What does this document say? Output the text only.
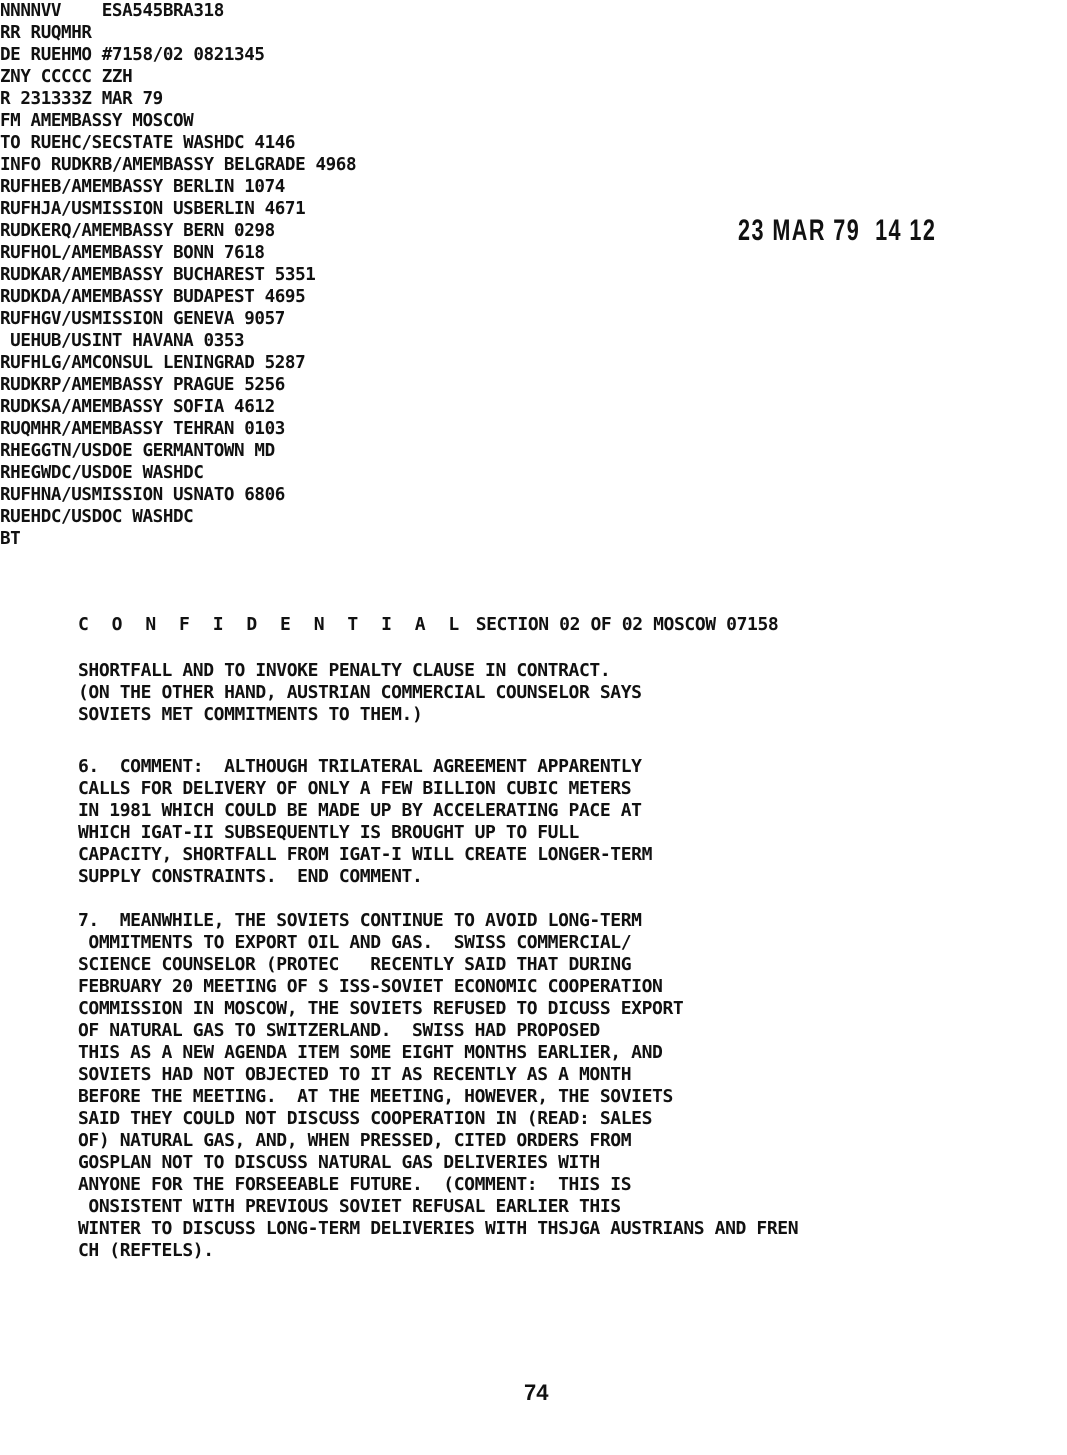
NNNNVV    ESA545BRA318
RR RUQMHR
DE RUEHMO #7158/02 0821345
ZNY CCCCC ZZH
R 231333Z MAR 79
FM AMEMBASSY MOSCOW
TO RUEHC/SECSTATE WASHDC 4146
INFO RUDKRB/AMEMBASSY BELGRADE 4968
RUFHEB/AMEMBASSY BERLIN 1074
RUFHJA/USMISSION USBERLIN 4671
RUDKERQ/AMEMBASSY BERN 0298
RUFHOL/AMEMBASSY BONN 7618
RUDKAR/AMEMBASSY BUCHAREST 5351
RUDKDA/AMEMBASSY BUDAPEST 4695
RUFHGV/USMISSION GENEVA 9057
UEHUB/USINT HAVANA 0353
RUFHLG/AMCONSUL LENINGRAD 5287
RUDKRP/AMEMBASSY PRAGUE 5256
RUDKSA/AMEMBASSY SOFIA 4612
RUQMHR/AMEMBASSY TEHRAN 0103
RHEGGTN/USDOE GERMANTOWN MD
RHEGWDC/USDOE WASHDC
RUFHNA/USMISSION USNATO 6806
RUEHDC/USDOC WASHDC
BT
23 MAR 79  14 12
C O N F I D E N T I A L SECTION 02 OF 02 MOSCOW 07158
SHORTFALL AND TO INVOKE PENALTY CLAUSE IN CONTRACT.
(ON THE OTHER HAND, AUSTRIAN COMMERCIAL COUNSELOR SAYS
SOVIETS MET COMMITMENTS TO THEM.)
6.  COMMENT:  ALTHOUGH TRILATERAL AGREEMENT APPARENTLY
CALLS FOR DELIVERY OF ONLY A FEW BILLION CUBIC METERS
IN 1981 WHICH COULD BE MADE UP BY ACCELERATING PACE AT
WHICH IGAT-II SUBSEQUENTLY IS BROUGHT UP TO FULL
CAPACITY, SHORTFALL FROM IGAT-I WILL CREATE LONGER-TERM
SUPPLY CONSTRAINTS.  END COMMENT.
7.  MEANWHILE, THE SOVIETS CONTINUE TO AVOID LONG-TERM
OMMITMENTS TO EXPORT OIL AND GAS.  SWISS COMMERCIAL/
SCIENCE COUNSELOR (PROTEC   RECENTLY SAID THAT DURING
FEBRUARY 20 MEETING OF S ISS-SOVIET ECONOMIC COOPERATION
COMMISSION IN MOSCOW, THE SOVIETS REFUSED TO DICUSS EXPORT
OF NATURAL GAS TO SWITZERLAND.  SWISS HAD PROPOSED
THIS AS A NEW AGENDA ITEM SOME EIGHT MONTHS EARLIER, AND
SOVIETS HAD NOT OBJECTED TO IT AS RECENTLY AS A MONTH
BEFORE THE MEETING.  AT THE MEETING, HOWEVER, THE SOVIETS
SAID THEY COULD NOT DISCUSS COOPERATION IN (READ: SALES
OF) NATURAL GAS, AND, WHEN PRESSED, CITED ORDERS FROM
GOSPLAN NOT TO DISCUSS NATURAL GAS DELIVERIES WITH
ANYONE FOR THE FORSEEABLE FUTURE.  (COMMENT:  THIS IS
ONSISTENT WITH PREVIOUS SOVIET REFUSAL EARLIER THIS
WINTER TO DISCUSS LONG-TERM DELIVERIES WITH THSJGA AUSTRIANS AND FREN
CH (REFTELS).
74
